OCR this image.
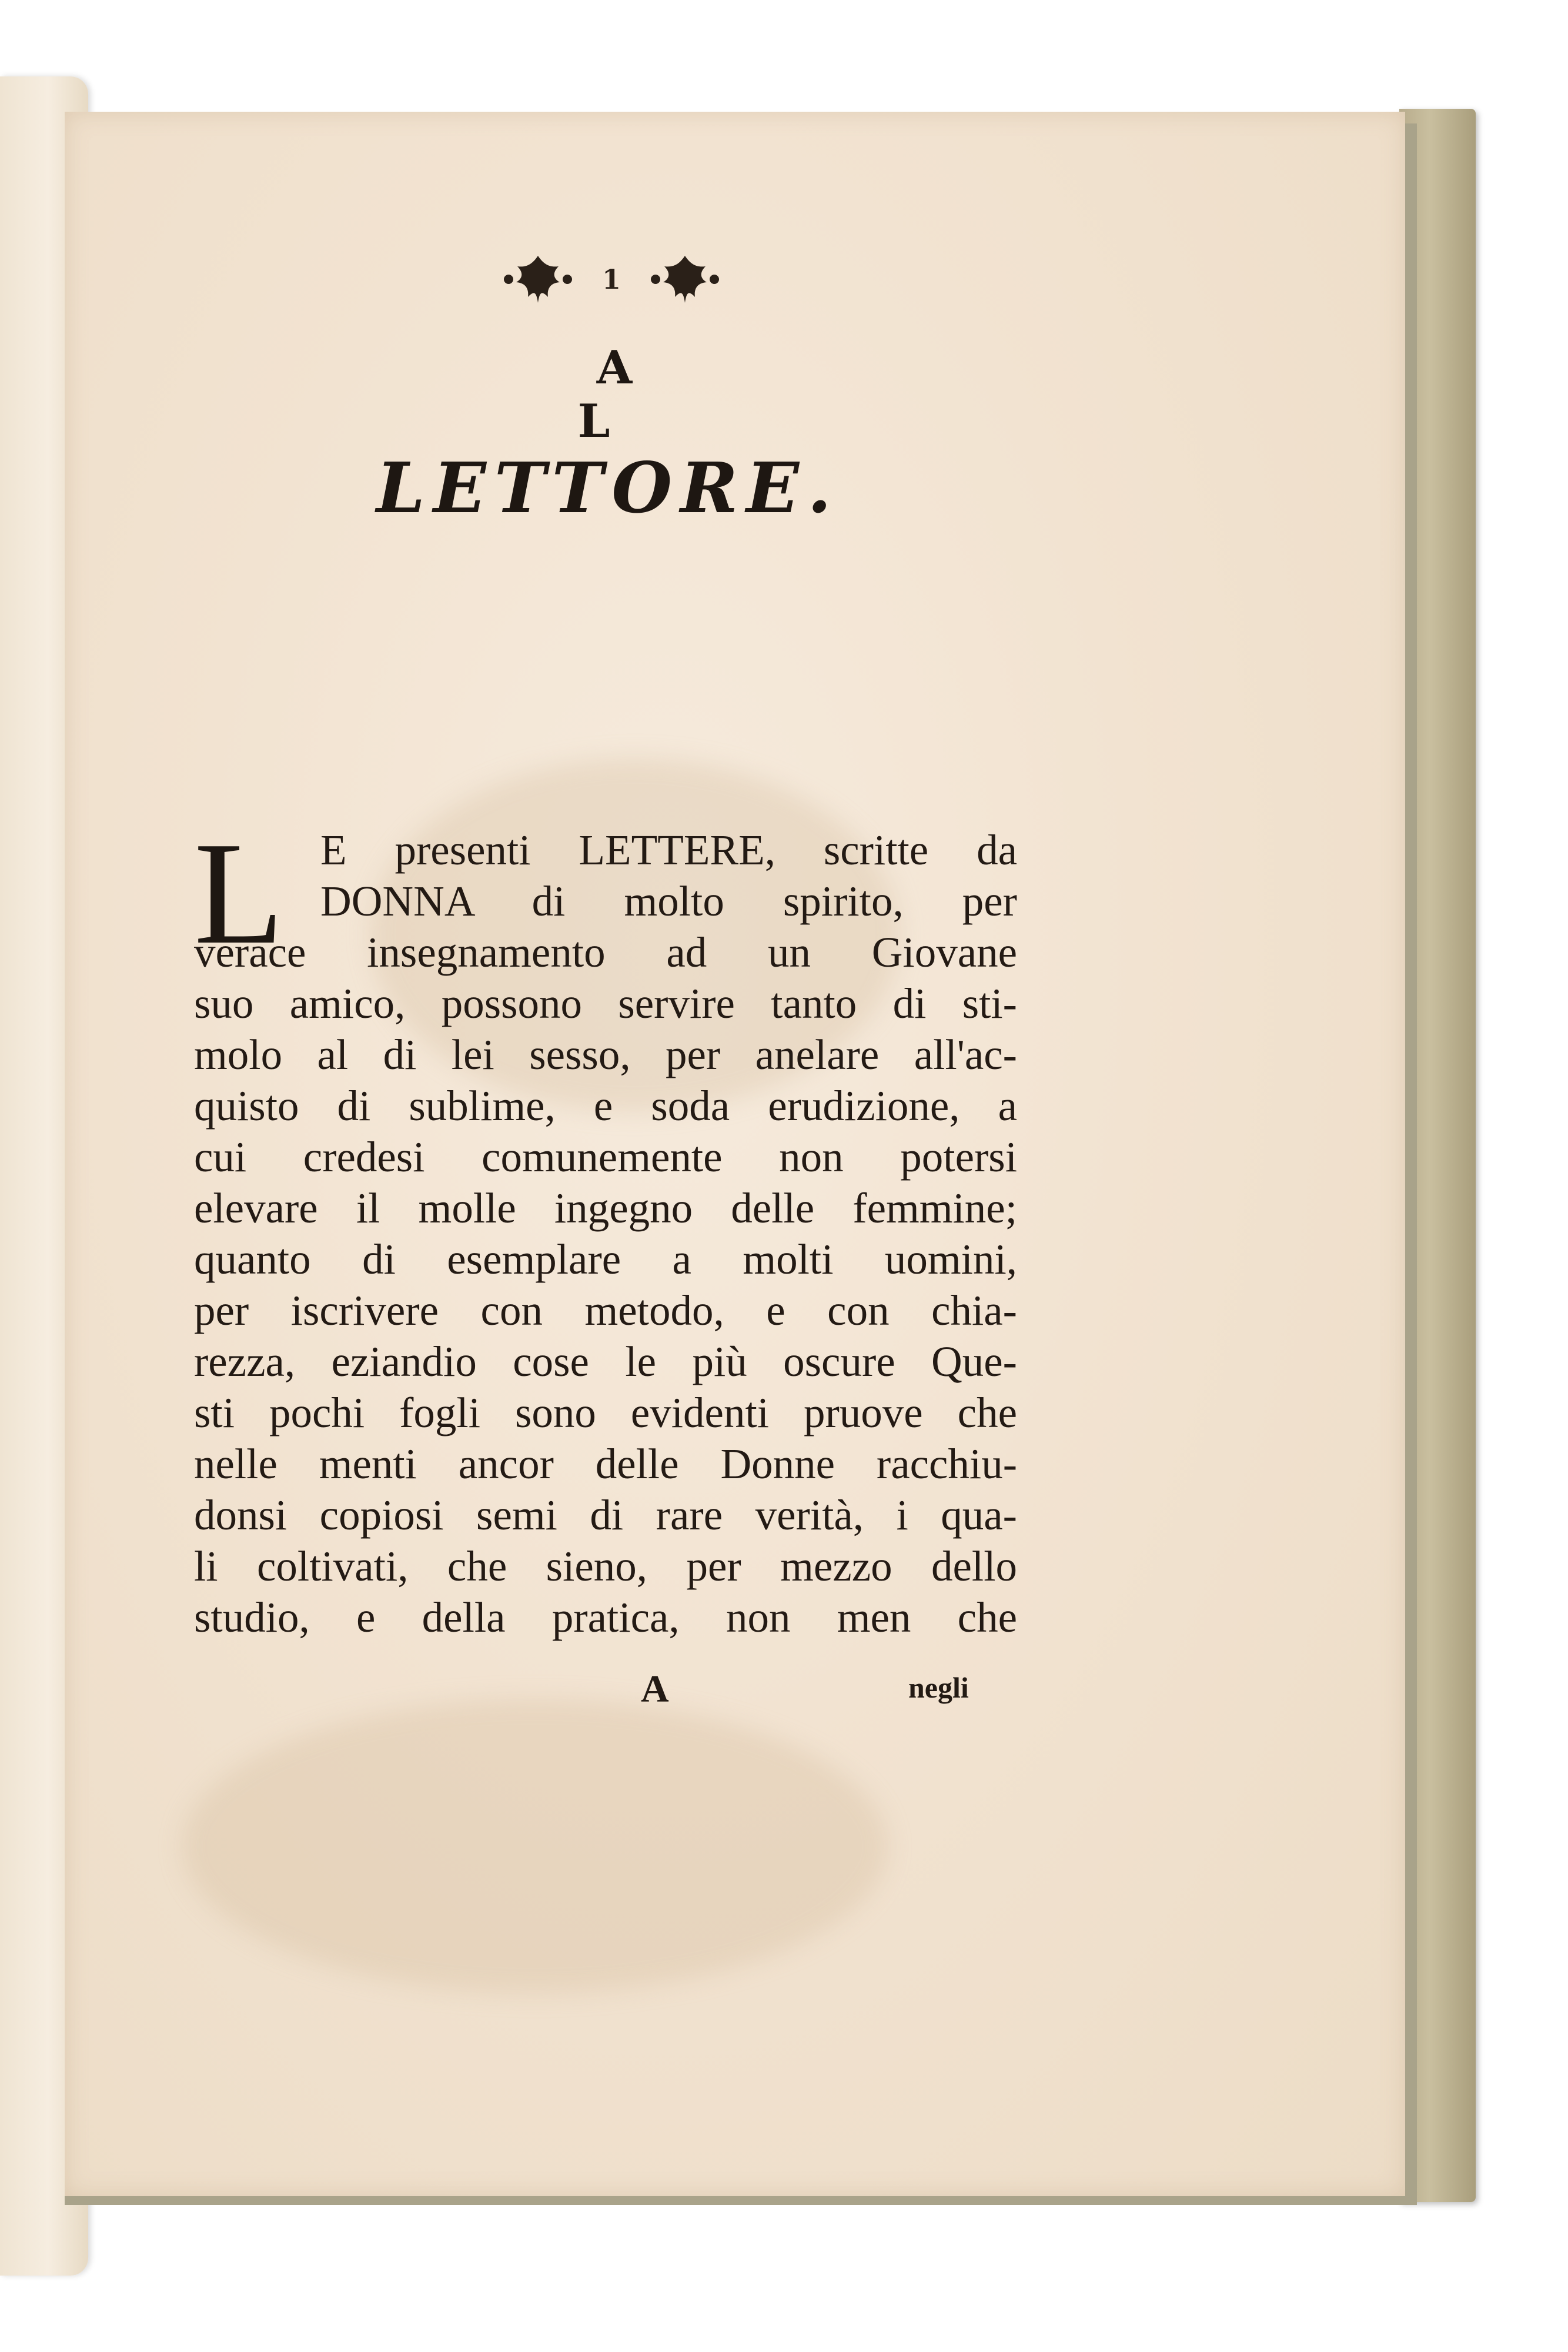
1
A L
LETTORE.
L E presenti LETTERE, scritte da
DONNA di molto spirito, per
verace insegnamento ad un Giovane
suo amico, possono servire tanto di sti-
molo al di lei sesso, per anelare all'ac-
quisto di sublime, e soda erudizione, a
cui credesi comunemente non potersi
elevare il molle ingegno delle femmine;
quanto di esemplare a molti uomini,
per iscrivere con metodo, e con chia-
rezza, eziandio cose le più oscure Que-
sti pochi fogli sono evidenti pruove che
nelle menti ancor delle Donne racchiu-
donsi copiosi semi di rare verità, i qua-
li coltivati, che sieno, per mezzo dello
studio, e della pratica, non men che
A	negli
